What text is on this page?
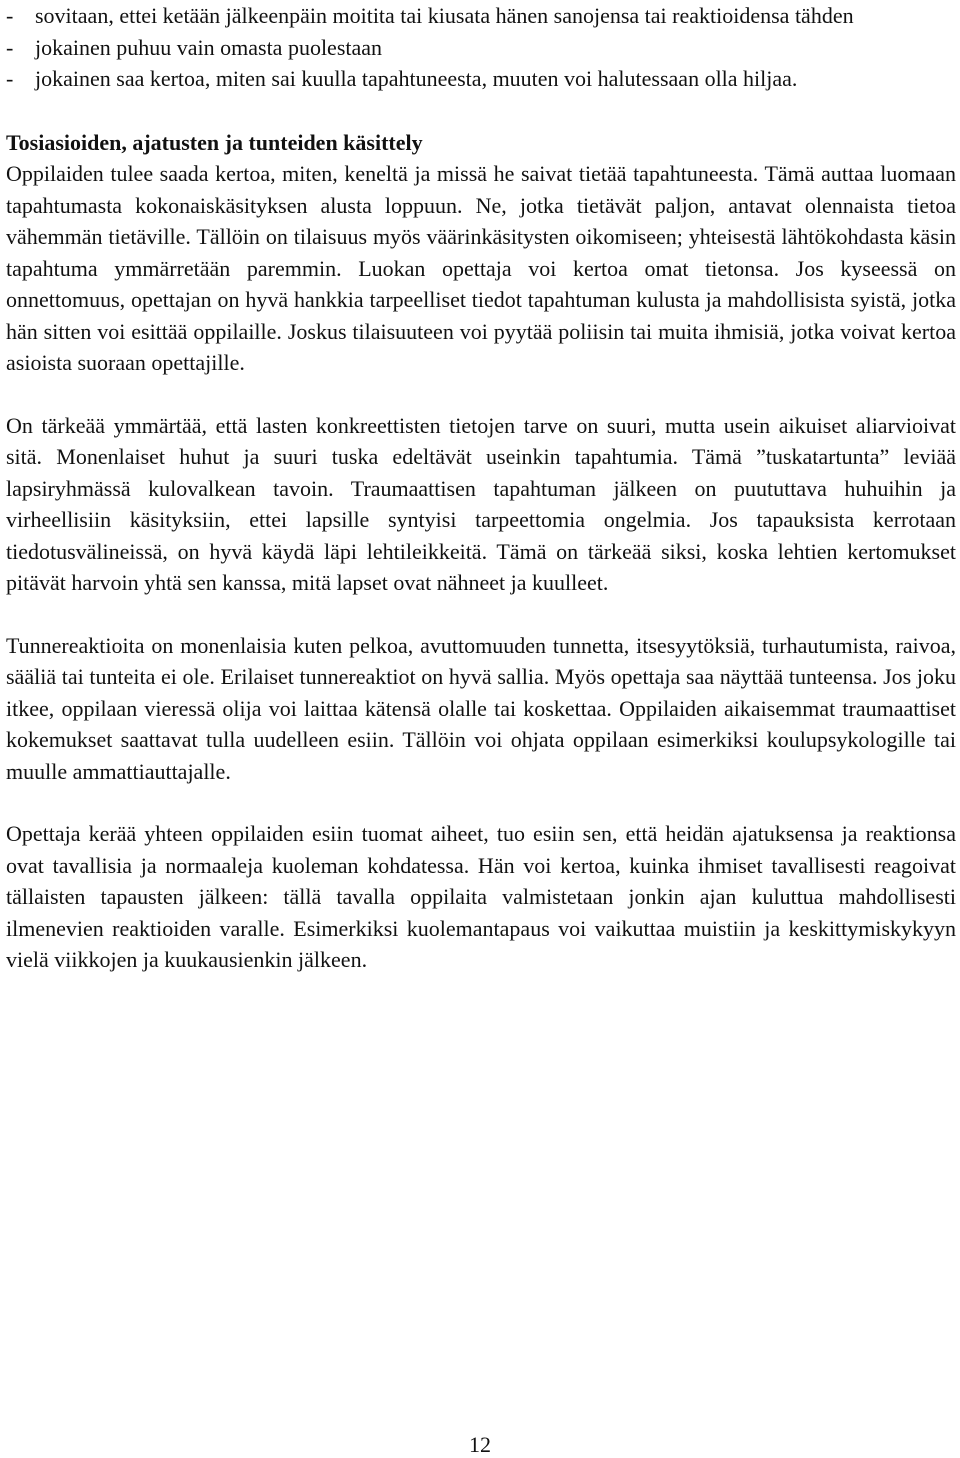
- sovitaan, ettei ketään jälkeenpäin moitita tai kiusata hänen sanojensa tai reaktioidensa tähden
- jokainen puhuu vain omasta puolestaan
- jokainen saa kertoa, miten sai kuulla tapahtuneesta, muuten voi halutessaan olla hiljaa.
Tosiasioiden, ajatusten ja tunteiden käsittely

Oppilaiden tulee saada kertoa, miten, keneltä ja missä he saivat tietää tapahtuneesta. Tämä auttaa luomaan tapahtumasta kokonaiskäsityksen alusta loppuun. Ne, jotka tietävät paljon, antavat olennaista tietoa vähemmän tietäville. Tällöin on tilaisuus myös väärinkäsitysten oikomiseen; yhteisestä lähtökohdasta käsin tapahtuma ymmärretään paremmin. Luokan opettaja voi kertoa omat tietonsa. Jos kyseessä on onnettomuus, opettajan on hyvä hankkia tarpeelliset tiedot tapahtuman kulusta ja mahdollisista syistä, jotka hän sitten voi esittää oppilaille. Joskus tilaisuuteen voi pyytää poliisin tai muita ihmisiä, jotka voivat kertoa asioista suoraan opettajille.

On tärkeää ymmärtää, että lasten konkreettisten tietojen tarve on suuri, mutta usein aikuiset aliarvioivat sitä. Monenlaiset huhut ja suuri tuska edeltävät useinkin tapahtumia. Tämä ”tuskatartunta” leviää lapsiryhmässä kulovalkean tavoin. Traumaattisen tapahtuman jälkeen on puututtava huhuihin ja virheellisiin käsityksiin, ettei lapsille syntyisi tarpeettomia ongelmia. Jos tapauksista kerrotaan tiedotusvälineissä, on hyvä käydä läpi lehtileikkeitä. Tämä on tärkeää siksi, koska lehtien kertomukset pitävät harvoin yhtä sen kanssa, mitä lapset ovat nähneet ja kuulleet.

Tunnereaktioita on monenlaisia kuten pelkoa, avuttomuuden tunnetta, itsesyytöksiä, turhautumista, raivoa, sääliä tai tunteita ei ole. Erilaiset tunnereaktiot on hyvä sallia. Myös opettaja saa näyttää tunteensa. Jos joku itkee, oppilaan vieressä olija voi laittaa kätensä olalle tai koskettaa. Oppilaiden aikaisemmat traumaattiset kokemukset saattavat tulla uudelleen esiin. Tällöin voi ohjata oppilaan esimerkiksi koulupsykologille tai muulle ammattiauttajalle.

Opettaja kerää yhteen oppilaiden esiin tuomat aiheet, tuo esiin sen, että heidän ajatuksensa ja reaktionsa ovat tavallisia ja normaaleja kuoleman kohdatessa. Hän voi kertoa, kuinka ihmiset tavallisesti reagoivat tällaisten tapausten jälkeen: tällä tavalla oppilaita valmistetaan jonkin ajan kuluttua mahdollisesti ilmenevien reaktioiden varalle. Esimerkiksi kuolemantapaus voi vaikuttaa muistiin ja keskittymiskykyyn vielä viikkojen ja kuukausienkin jälkeen.

12
